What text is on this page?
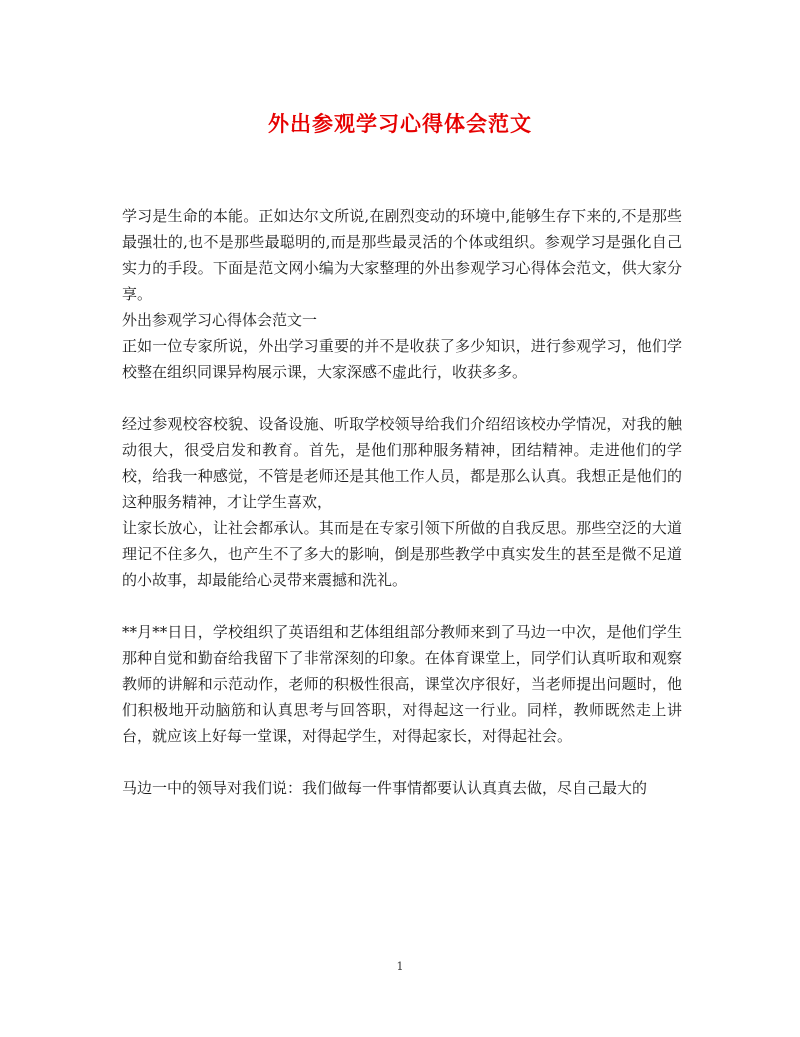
外出参观学习心得体会范文

学习是生命的本能。正如达尔文所说,在剧烈变动的环境中,能够生存下来的,不是那些最强壮的,也不是那些最聪明的,而是那些最灵活的个体或组织。参观学习是强化自己实力的手段。下面是范文网小编为大家整理的外出参观学习心得体会范文，供大家分享。

外出参观学习心得体会范文一

正如一位专家所说，外出学习重要的并不是收获了多少知识，进行参观学习，他们学校整在组织同课异构展示课，大家深感不虚此行，收获多多。

经过参观校容校貌、设备设施、听取学校领导给我们介绍绍该校办学情况，对我的触动很大，很受启发和教育。首先，是他们那种服务精神，团结精神。走进他们的学校，给我一种感觉，不管是老师还是其他工作人员，都是那么认真。我想正是他们的这种服务精神，才让学生喜欢，

让家长放心，让社会都承认。其而是在专家引领下所做的自我反思。那些空泛的大道理记不住多久，也产生不了多大的影响，倒是那些教学中真实发生的甚至是微不足道的小故事，却最能给心灵带来震撼和洗礼。

**月**日日，学校组织了英语组和艺体组组部分教师来到了马边一中次，是他们学生那种自觉和勤奋给我留下了非常深刻的印象。在体育课堂上，同学们认真听取和观察教师的讲解和示范动作，老师的积极性很高，课堂次序很好，当老师提出问题时，他们积极地开动脑筋和认真思考与回答职，对得起这一行业。同样，教师既然走上讲台，就应该上好每一堂课，对得起学生，对得起家长，对得起社会。

马边一中的领导对我们说：我们做每一件事情都要认认真真去做，尽自己最大的

1
